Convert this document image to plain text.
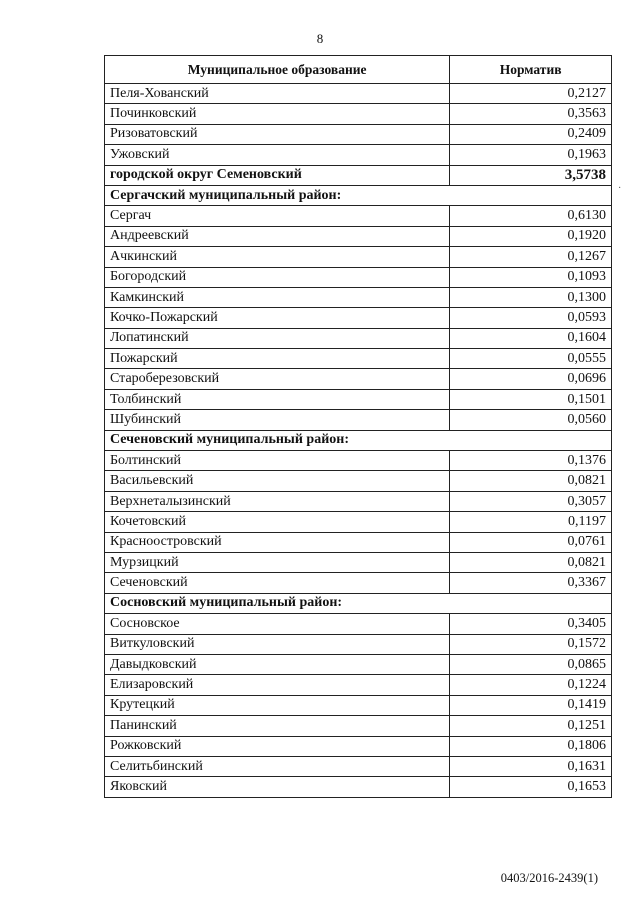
8
Муниципальное образование	Норматив
Пеля-Хованский	0,2127
Починковский	0,3563
Ризоватовский	0,2409
Ужовский	0,1963
городской округ Семеновский	3,5738
Сергачский муниципальный район:	
Сергач	0,6130
Андреевский	0,1920
Ачкинский	0,1267
Богородский	0,1093
Камкинский	0,1300
Кочко-Пожарский	0,0593
Лопатинский	0,1604
Пожарский	0,0555
Староберезовский	0,0696
Толбинский	0,1501
Шубинский	0,0560
Сеченовский муниципальный район:	
Болтинский	0,1376
Васильевский	0,0821
Верхнеталызинский	0,3057
Кочетовский	0,1197
Красноостровский	0,0761
Мурзицкий	0,0821
Сеченовский	0,3367
Сосновский муниципальный район:	
Сосновское	0,3405
Виткуловский	0,1572
Давыдковский	0,0865
Елизаровский	0,1224
Крутецкий	0,1419
Панинский	0,1251
Рожковский	0,1806
Селитьбинский	0,1631
Яковский	0,1653
·
0403/2016-2439(1)
